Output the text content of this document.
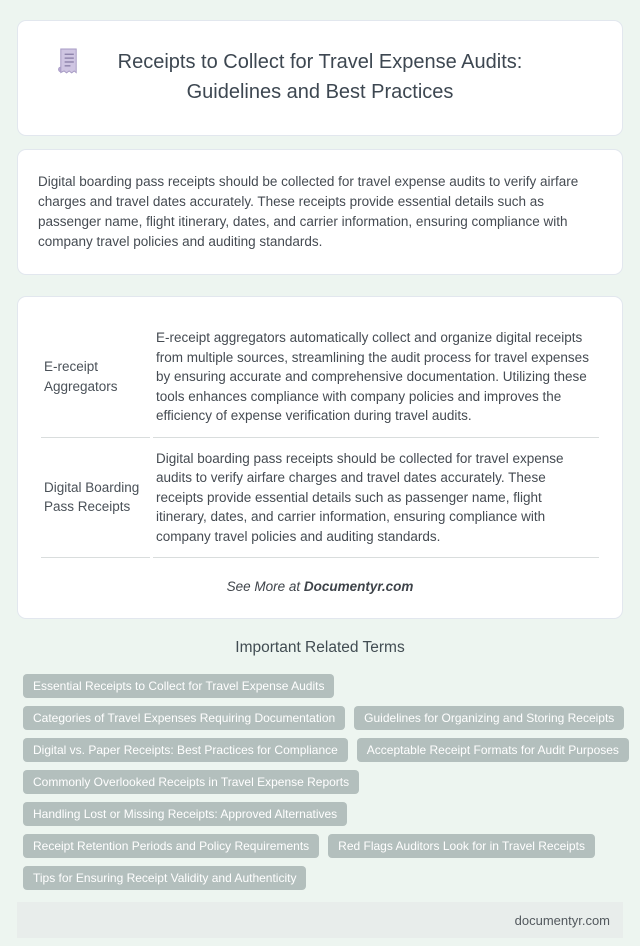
Receipts to Collect for Travel Expense Audits: Guidelines and Best Practices

Digital boarding pass receipts should be collected for travel expense audits to verify airfare charges and travel dates accurately. These receipts provide essential details such as passenger name, flight itinerary, dates, and carrier information, ensuring compliance with company travel policies and auditing standards.

E-receipt Aggregators	E-receipt aggregators automatically collect and organize digital receipts from multiple sources, streamlining the audit process for travel expenses by ensuring accurate and comprehensive documentation. Utilizing these tools enhances compliance with company policies and improves the efficiency of expense verification during travel audits.
Digital Boarding Pass Receipts	Digital boarding pass receipts should be collected for travel expense audits to verify airfare charges and travel dates accurately. These receipts provide essential details such as passenger name, flight itinerary, dates, and carrier information, ensuring compliance with company travel policies and auditing standards.
See More at Documentyr.com
Important Related Terms
Essential Receipts to Collect for Travel Expense Audits
Categories of Travel Expenses Requiring Documentation	Guidelines for Organizing and Storing Receipts
Digital vs. Paper Receipts: Best Practices for Compliance	Acceptable Receipt Formats for Audit Purposes
Commonly Overlooked Receipts in Travel Expense Reports
Handling Lost or Missing Receipts: Approved Alternatives
Receipt Retention Periods and Policy Requirements	Red Flags Auditors Look for in Travel Receipts
Tips for Ensuring Receipt Validity and Authenticity
documentyr.com
